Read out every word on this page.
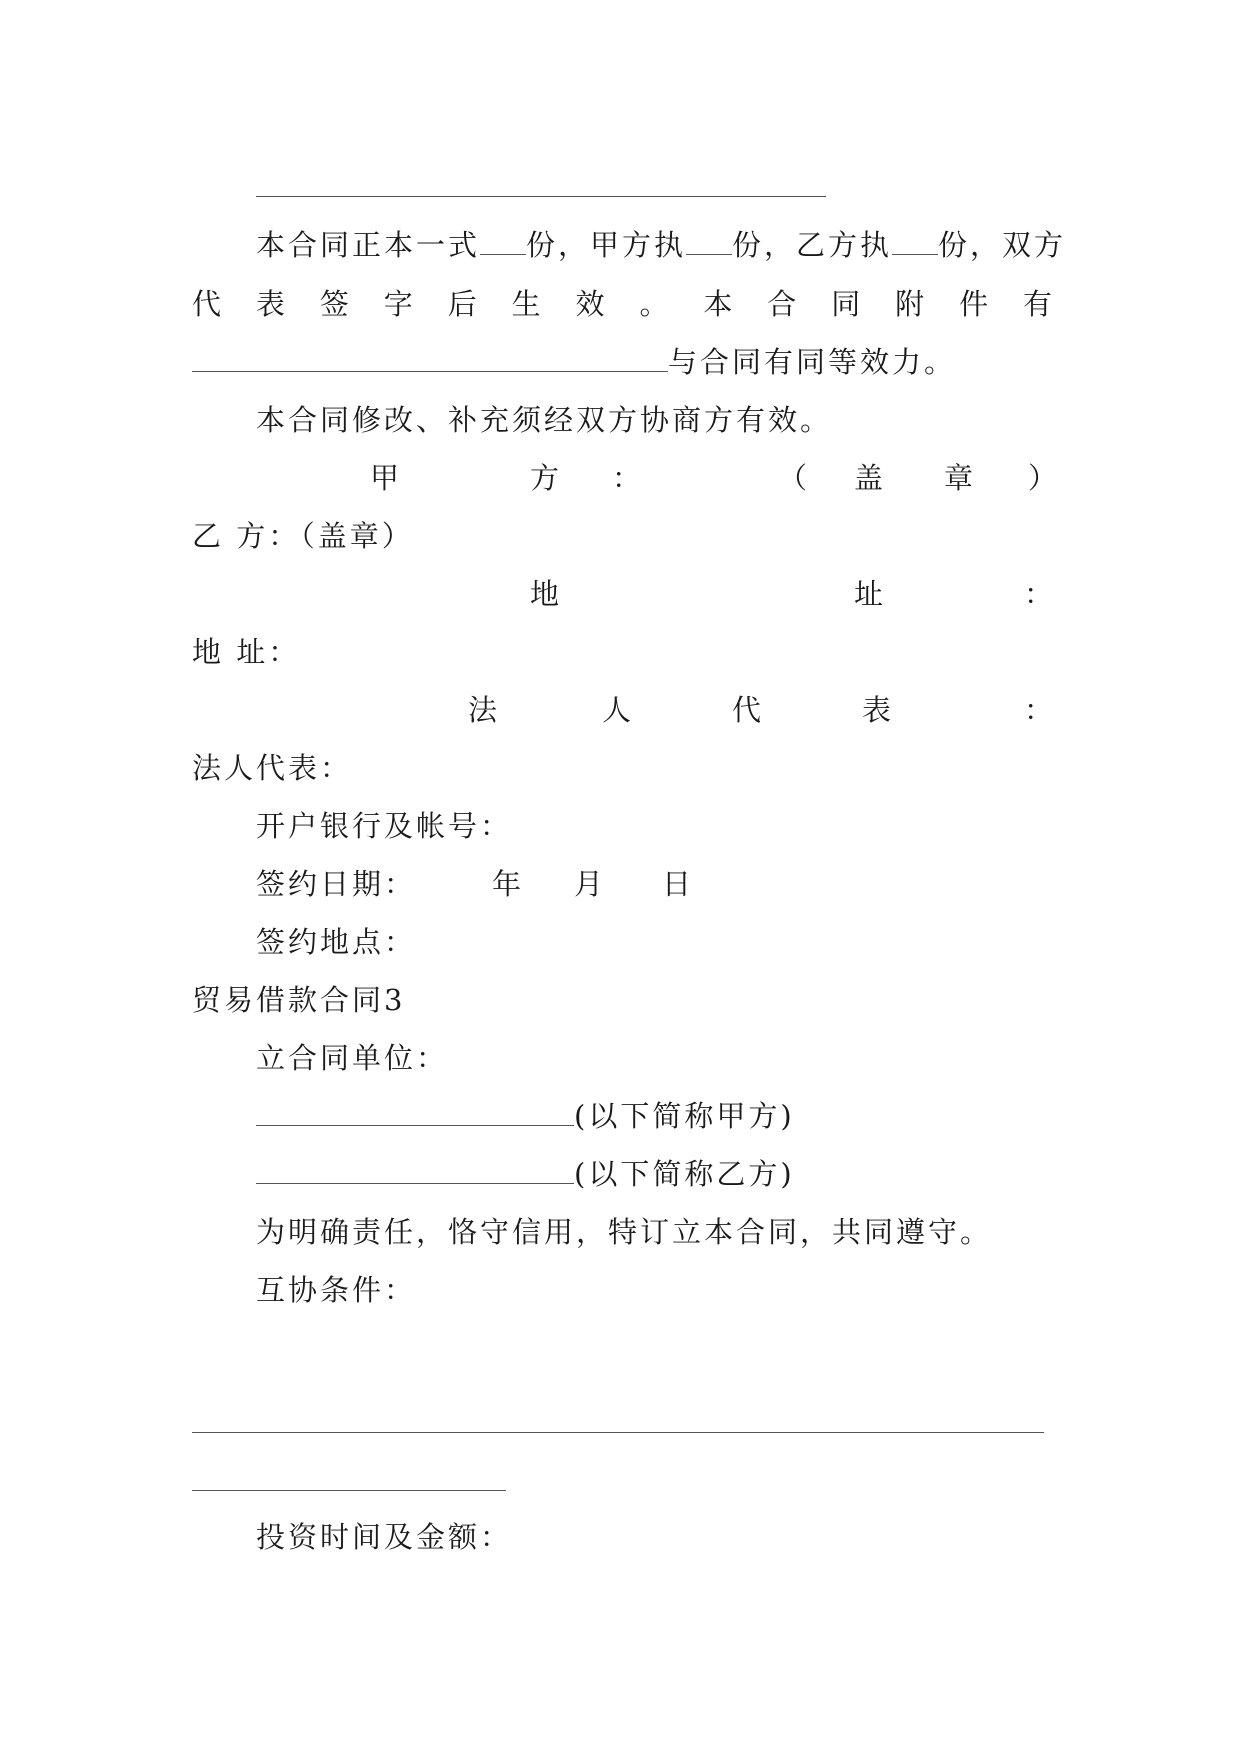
本合同正本一式 份，甲方执 份，乙方执 份，双方
代 表 签 字 后 生 效 。 本 合 同 附 件 有
与合同有同等效力。
本合同修改、补充须经双方协商方有效。
甲	方 ：	（ 盖 章 ）
乙 方：（盖章）
地	址	：
地 址：
法	人	代	表	：
法人代表：
开户银行及帐号：
签约日期：	年 月 日
签约地点：
贸易借款合同3
立合同单位：
(以下简称甲方)
(以下简称乙方)
为明确责任，恪守信用，特订立本合同，共同遵守。
互协条件：
投资时间及金额：
